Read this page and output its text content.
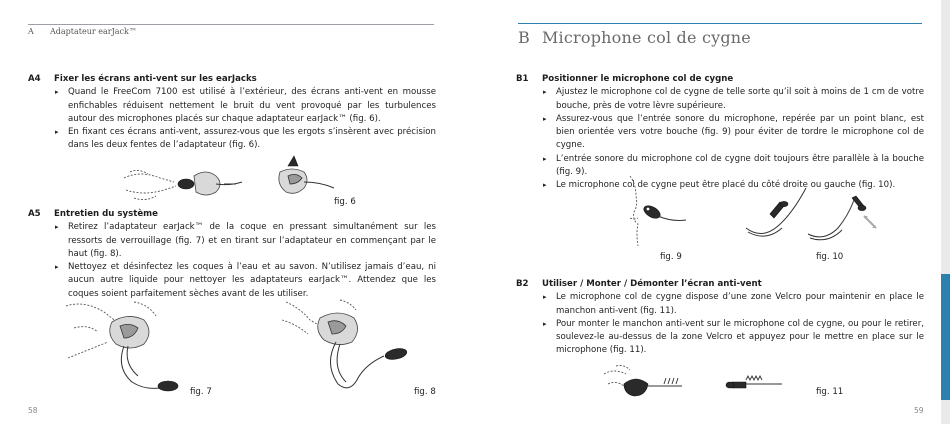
A Adaptateur earJack™
A4	Fixer les écrans anti-vent sur les earJacks
▸ Quand le FreeCom 7100 est utilisé à l’extérieur, des écrans anti-vent en mousse enfichables réduisent nettement le bruit du vent provoqué par les turbulences autour des microphones placés sur chaque adaptateur earJack™ (fig. 6).
▸ En fixant ces écrans anti-vent, assurez-vous que les ergots s’insèrent avec précision dans les deux fentes de l’adaptateur (fig. 6).
fig. 6
A5	Entretien du système
▸ Retirez l’adaptateur earJack™ de la coque en pressant simultanément sur les ressorts de verrouillage (fig. 7) et en tirant sur l’adaptateur en commençant par le haut (fig. 8).
▸ Nettoyez et désinfectez les coques à l’eau et au savon. N’utilisez jamais d’eau, ni aucun autre liquide pour nettoyer les adaptateurs earJack™. Attendez que les coques soient parfaitement sèches avant de les utiliser.
fig. 7	fig. 8
58
B Microphone col de cygne
B1	Positionner le microphone col de cygne
▸ Ajustez le microphone col de cygne de telle sorte qu’il soit à moins de 1 cm de votre bouche, près de votre lèvre supérieure.
▸ Assurez-vous que l’entrée sonore du microphone, repérée par un point blanc, est bien orientée vers votre bouche (fig. 9) pour éviter de tordre le microphone col de cygne.
▸ L’entrée sonore du microphone col de cygne doit toujours être parallèle à la bouche (fig. 9).
▸ Le microphone col de cygne peut être placé du côté droite ou gauche (fig. 10).
fig. 9	fig. 10
B2	Utiliser / Monter / Démonter l’écran anti-vent
▸ Le microphone col de cygne dispose d’une zone Velcro pour maintenir en place le manchon anti-vent (fig. 11).
▸ Pour monter le manchon anti-vent sur le microphone col de cygne, ou pour le retirer, soulevez-le au-dessus de la zone Velcro et appuyez pour le mettre en place sur le microphone (fig. 11).
fig. 11
59
